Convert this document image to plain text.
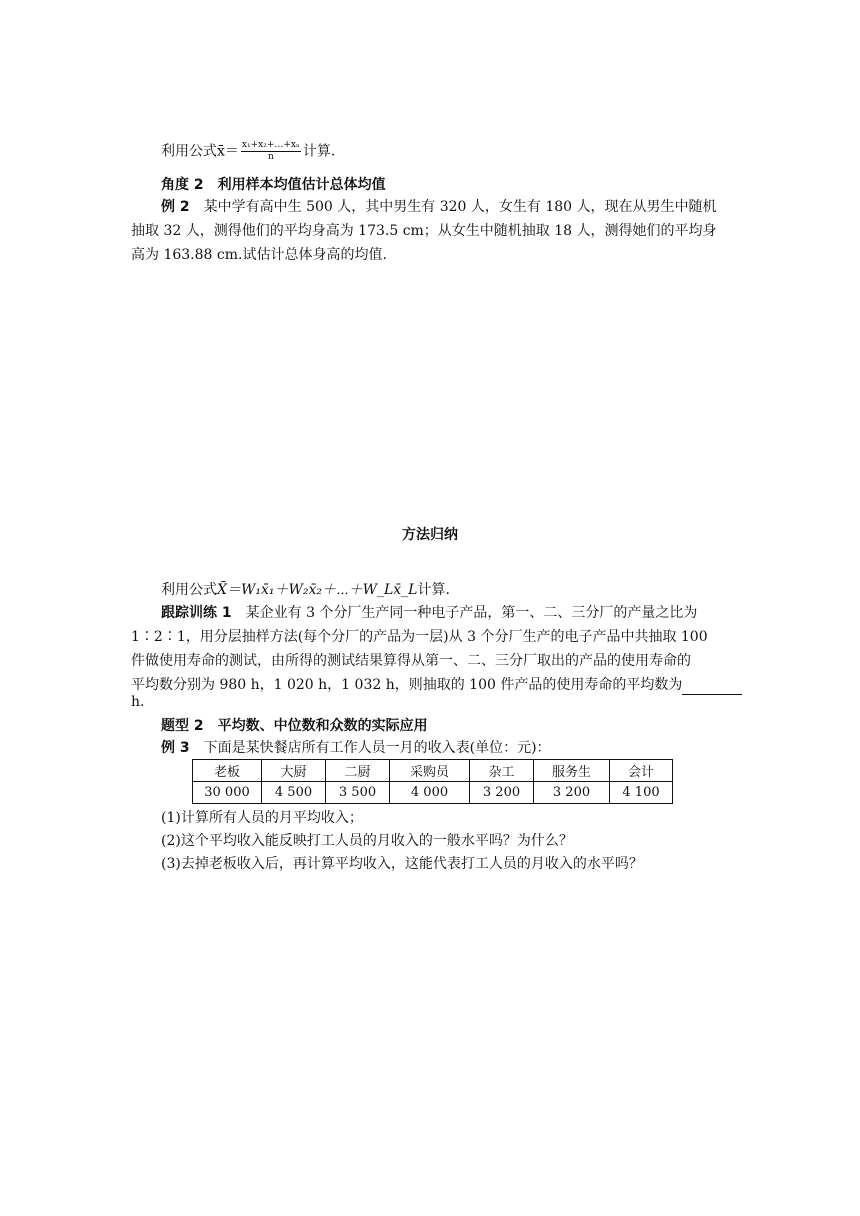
利用公式x̄＝ $\frac{\text{x₁+x₂+…+xₙ}}{n}$ 计算.
角度 2　利用样本均值估计总体均值
例 2　 某中学有高中生 500 人，其中男生有 320 人，女生有 180 人，现在从男生中随机
抽取 32 人，测得他们的平均身高为 173.5 cm；从女生中随机抽取 18 人，测得她们的平均身
高为 163.88 cm.试估计总体身高的均值.
方法归纳
利用公式X̄＝W₁x̄₁＋W₂x̄₂＋⋯＋W_Lx̄_L计算.
跟踪训练 1　 某企业有 3 个分厂生产同一种电子产品，第一、二、三分厂的产量之比为
1∶2∶1，用分层抽样方法(每个分厂的产品为一层)从 3 个分厂生产的电子产品中共抽取 100
件做使用寿命的测试，由所得的测试结果算得从第一、二、三分厂取出的产品的使用寿命的
平均数分别为 980 h，1 020 h，1 032 h，则抽取的 100 件产品的使用寿命的平均数为
h.
题型 2　平均数、中位数和众数的实际应用
例 3　 下面是某快餐店所有工作人员一月的收入表(单位：元)：
老板	大厨	二厨	采购员	杂工	服务生	会计
30 000	4 500	3 500	4 000	3 200	3 200	4 100
(1)计算所有人员的月平均收入；
(2)这个平均收入能反映打工人员的月收入的一般水平吗？为什么？
(3)去掉老板收入后，再计算平均收入，这能代表打工人员的月收入的水平吗？
